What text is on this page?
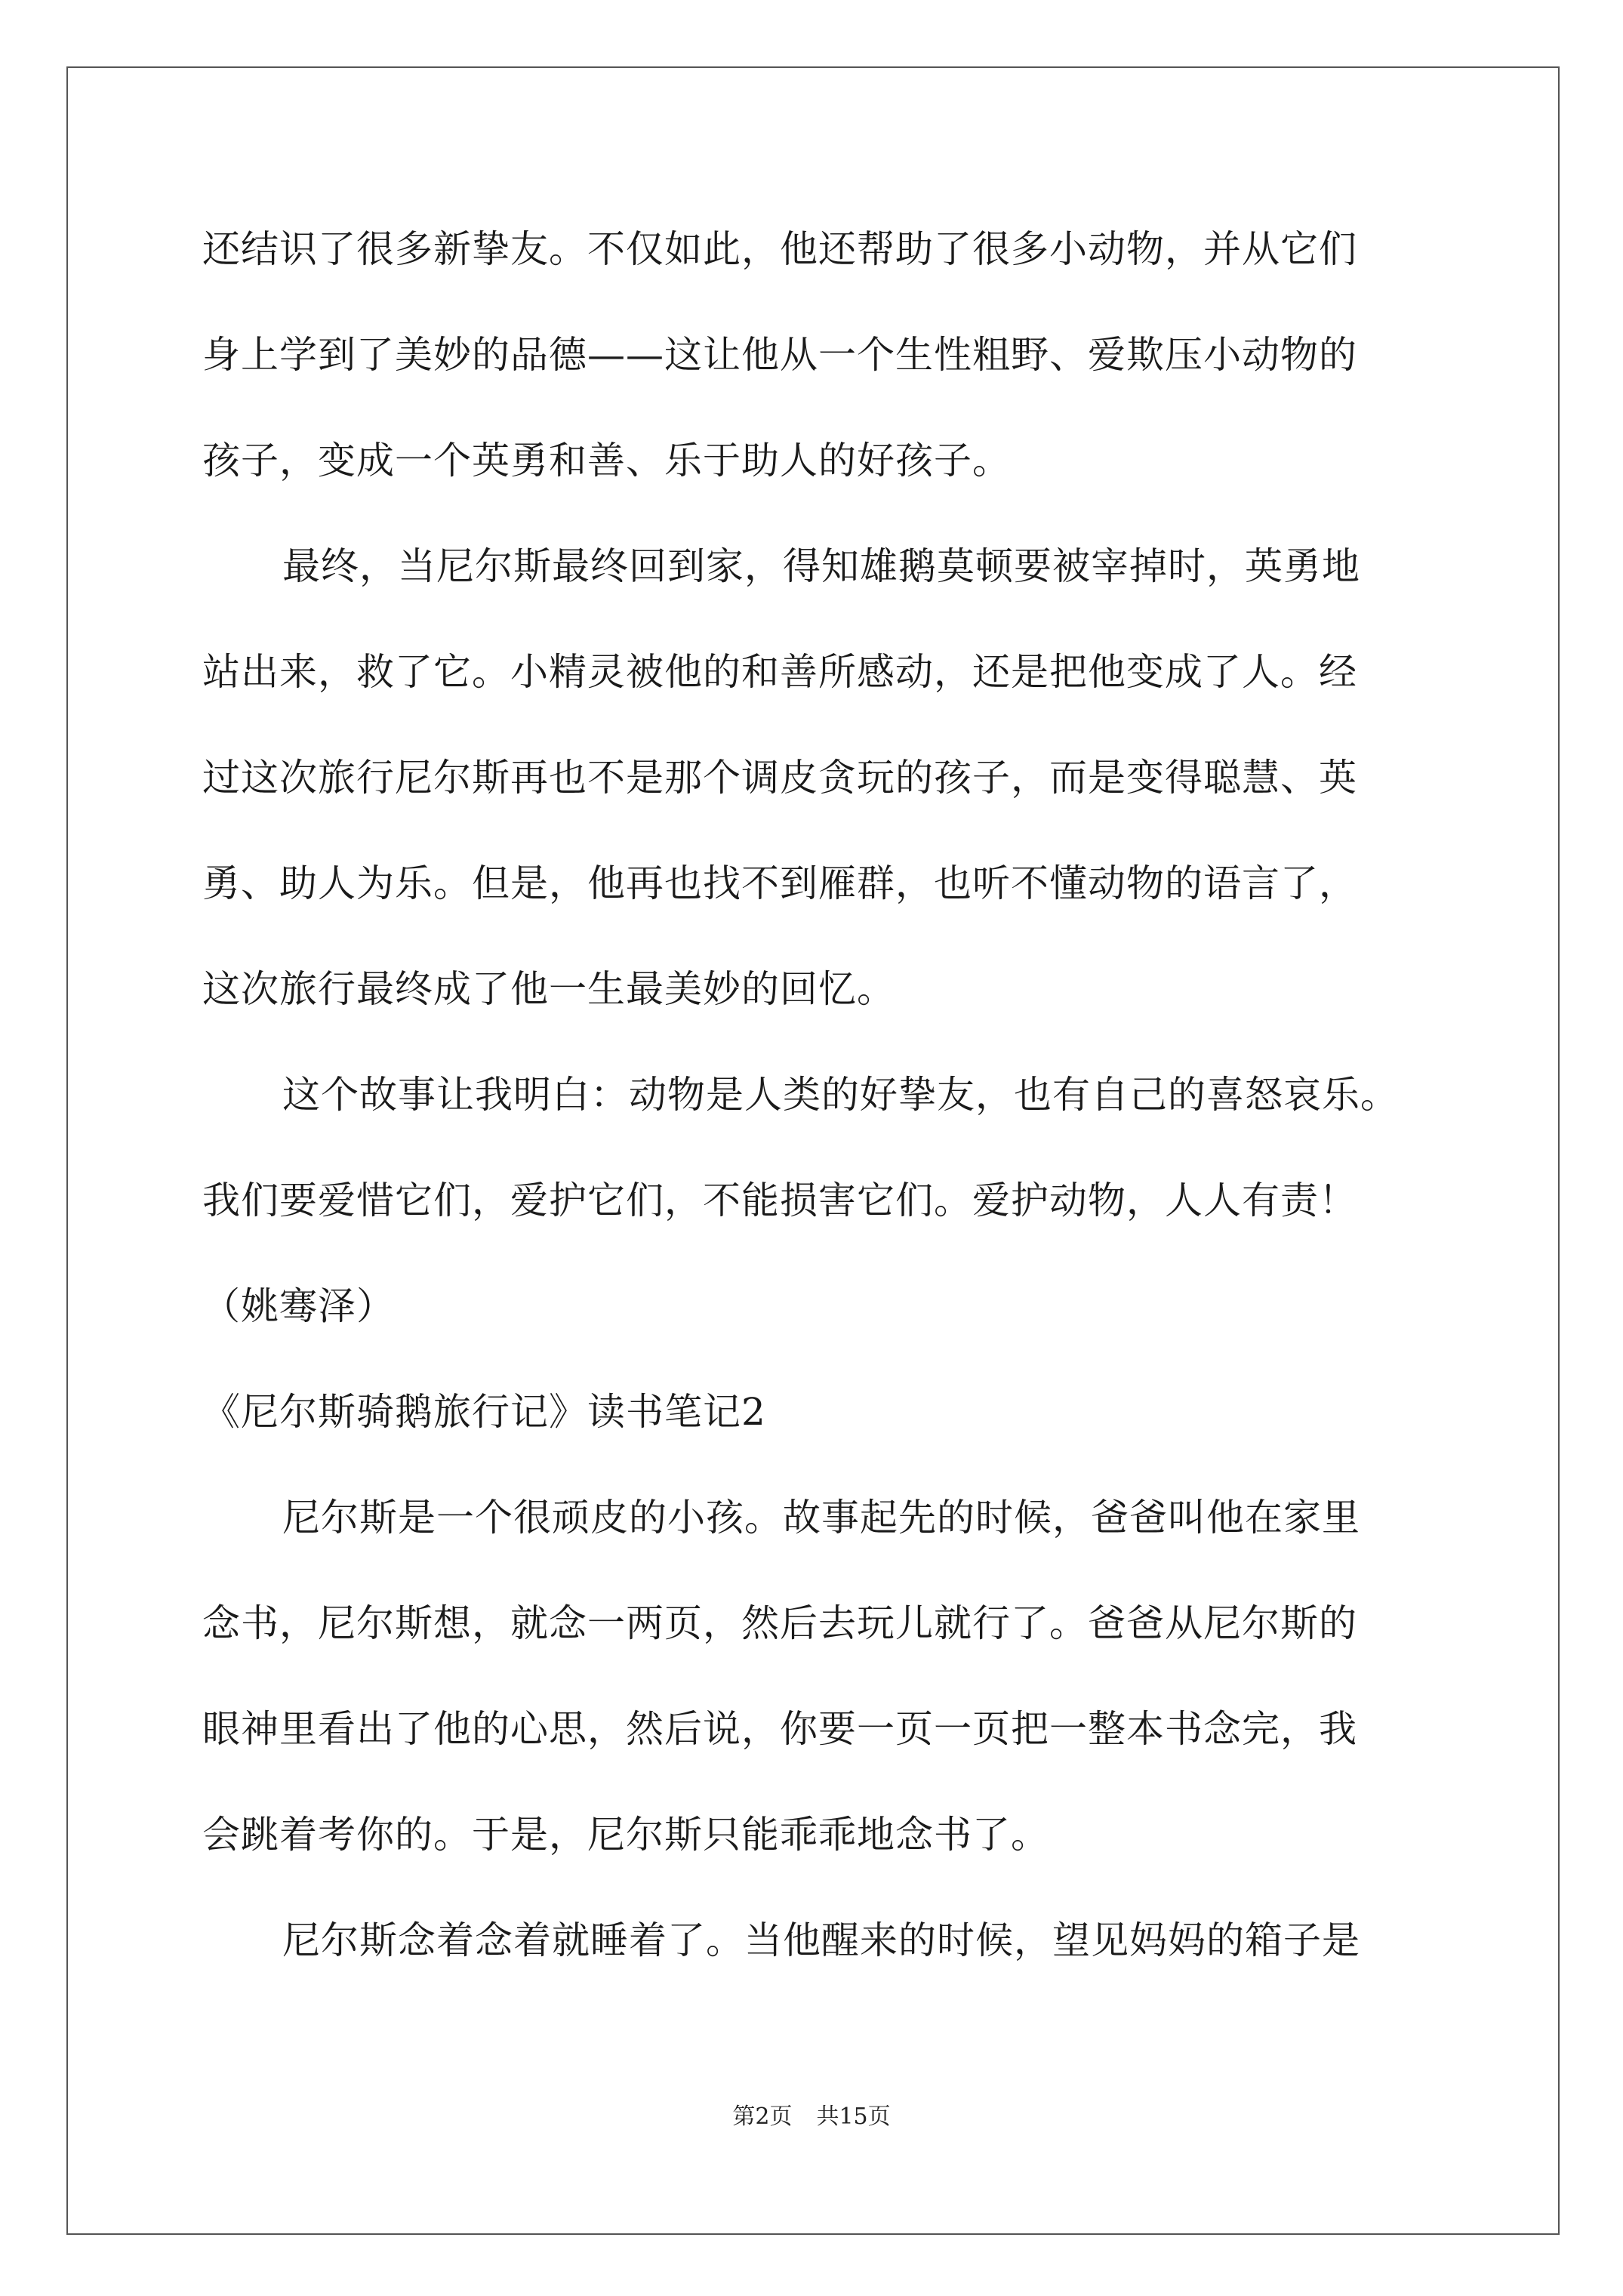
还结识了很多新挚友。不仅如此，他还帮助了很多小动物，并从它们
身上学到了美妙的品德——这让他从一个生性粗野、爱欺压小动物的
孩子，变成一个英勇和善、乐于助人的好孩子。
最终，当尼尔斯最终回到家，得知雄鹅莫顿要被宰掉时，英勇地
站出来，救了它。小精灵被他的和善所感动，还是把他变成了人。经
过这次旅行尼尔斯再也不是那个调皮贪玩的孩子，而是变得聪慧、英
勇、助人为乐。但是，他再也找不到雁群，也听不懂动物的语言了，
这次旅行最终成了他一生最美妙的回忆。
这个故事让我明白：动物是人类的好挚友，也有自己的喜怒哀乐。
我们要爱惜它们，爱护它们，不能损害它们。爱护动物，人人有责！
（姚骞泽）
《尼尔斯骑鹅旅行记》读书笔记2
尼尔斯是一个很顽皮的小孩。故事起先的时候，爸爸叫他在家里
念书，尼尔斯想，就念一两页，然后去玩儿就行了。爸爸从尼尔斯的
眼神里看出了他的心思，然后说，你要一页一页把一整本书念完，我
会跳着考你的。于是，尼尔斯只能乖乖地念书了。
尼尔斯念着念着就睡着了。当他醒来的时候，望见妈妈的箱子是
第2页 共15页
